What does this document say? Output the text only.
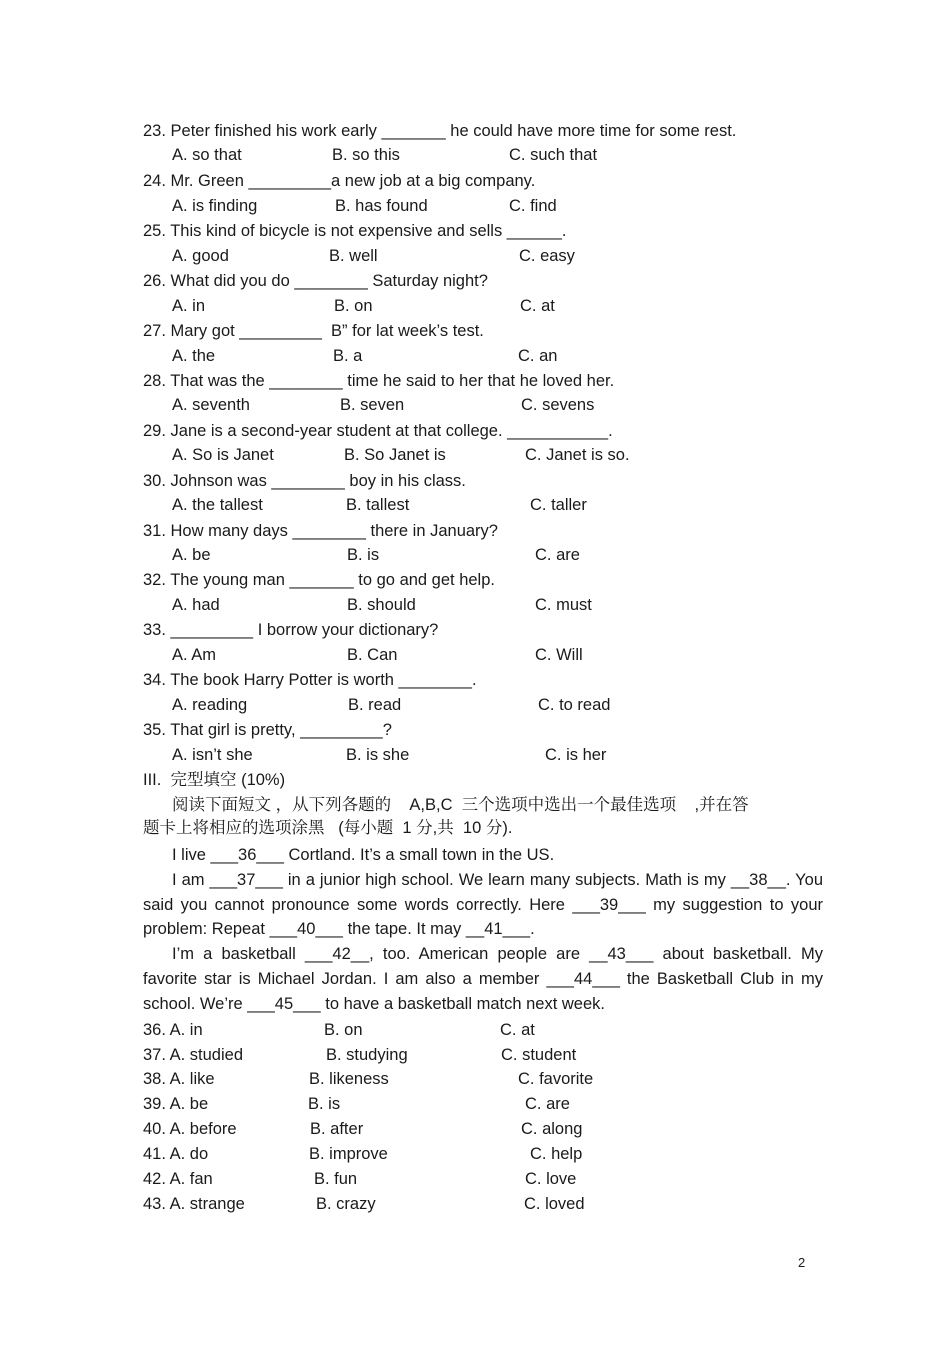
23. Peter finished his work early _______ he could have more time for some rest.
A. so that	B. so this	C. such that
24. Mr. Green _________a new job at a big company.
A. is finding	B. has found	C. find
25. This kind of bicycle is not expensive and sells ______.
A. good	B. well	C. easy
26. What did you do ________ Saturday night?
A. in	B. on	C. at
27. Mary got _________  B” for lat week’s test.
A. the	B. a	C. an
28. That was the ________ time he said to her that he loved her.
A. seventh	B. seven	C. sevens
29. Jane is a second-year student at that college. ___________.
A. So is Janet	B. So Janet is	C. Janet is so.
30. Johnson was ________ boy in his class.
A. the tallest	B. tallest	C. taller
31. How many days ________ there in January?
A. be	B. is	C. are
32. The young man _______ to go and get help.
A. had	B. should	C. must
33. _________ I borrow your dictionary?
A. Am	B. Can	C. Will
34. The book Harry Potter is worth ________.
A. reading	B. read	C. to read
35. That girl is pretty, _________?
A. isn’t she	B. is she	C. is her
III.  完型填空 (10%)
阅读下面短文 ，从下列各题的    A,B,C  三个选项中选出一个最佳选项    ,并在答
题卡上将相应的选项涂黑   (每小题  1 分,共  10 分).

I live ___36___ Cortland. It’s a small town in the US.

I am ___37___ in a junior high school. We learn many subjects. Math is my __38__. You said you cannot pronounce some words correctly. Here ___39___ my suggestion to your problem: Repeat ___40___ the tape. It may __41___.

I’m a basketball ___42__, too. American people are __43___ about basketball. My favorite star is Michael Jordan. I am also a member ___44___ the Basketball Club in my school. We’re ___45___ to have a basketball match next week.

36. A. in	B. on	C. at
37. A. studied	B. studying	C. student
38. A. like	B. likeness	C. favorite
39. A. be	B. is	C. are
40. A. before	B. after	C. along
41. A. do	B. improve	C. help
42. A. fan	B. fun	C. love
43. A. strange	B. crazy	C. loved
2
